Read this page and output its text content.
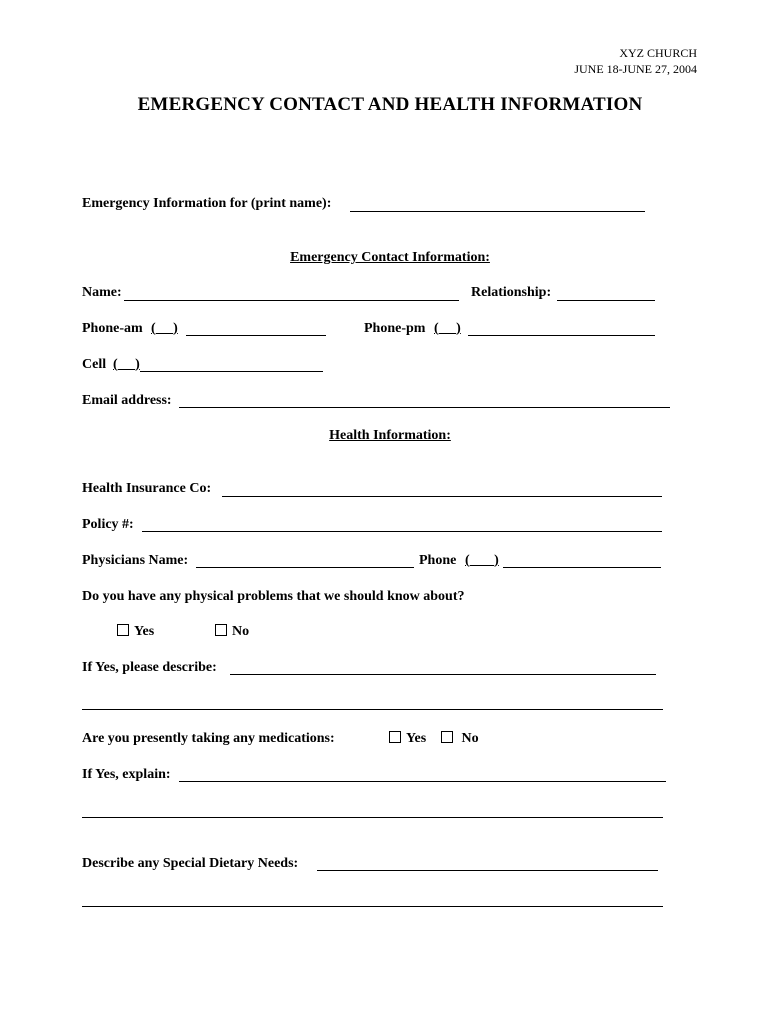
XYZ CHURCH
JUNE 18-JUNE 27, 2004
EMERGENCY CONTACT AND HEALTH INFORMATION
Emergency Information for (print name):
Emergency Contact Information:
Name:	Relationship:
Phone-am ( )	Phone-pm ( )
Cell ( )
Email address:
Health Information:
Health Insurance Co:
Policy #:
Physicians Name:	Phone ( )
Do you have any physical problems that we should know about?
Yes	No
If Yes, please describe:
Are you presently taking any medications:	Yes	No
If Yes, explain:
Describe any Special Dietary Needs:
